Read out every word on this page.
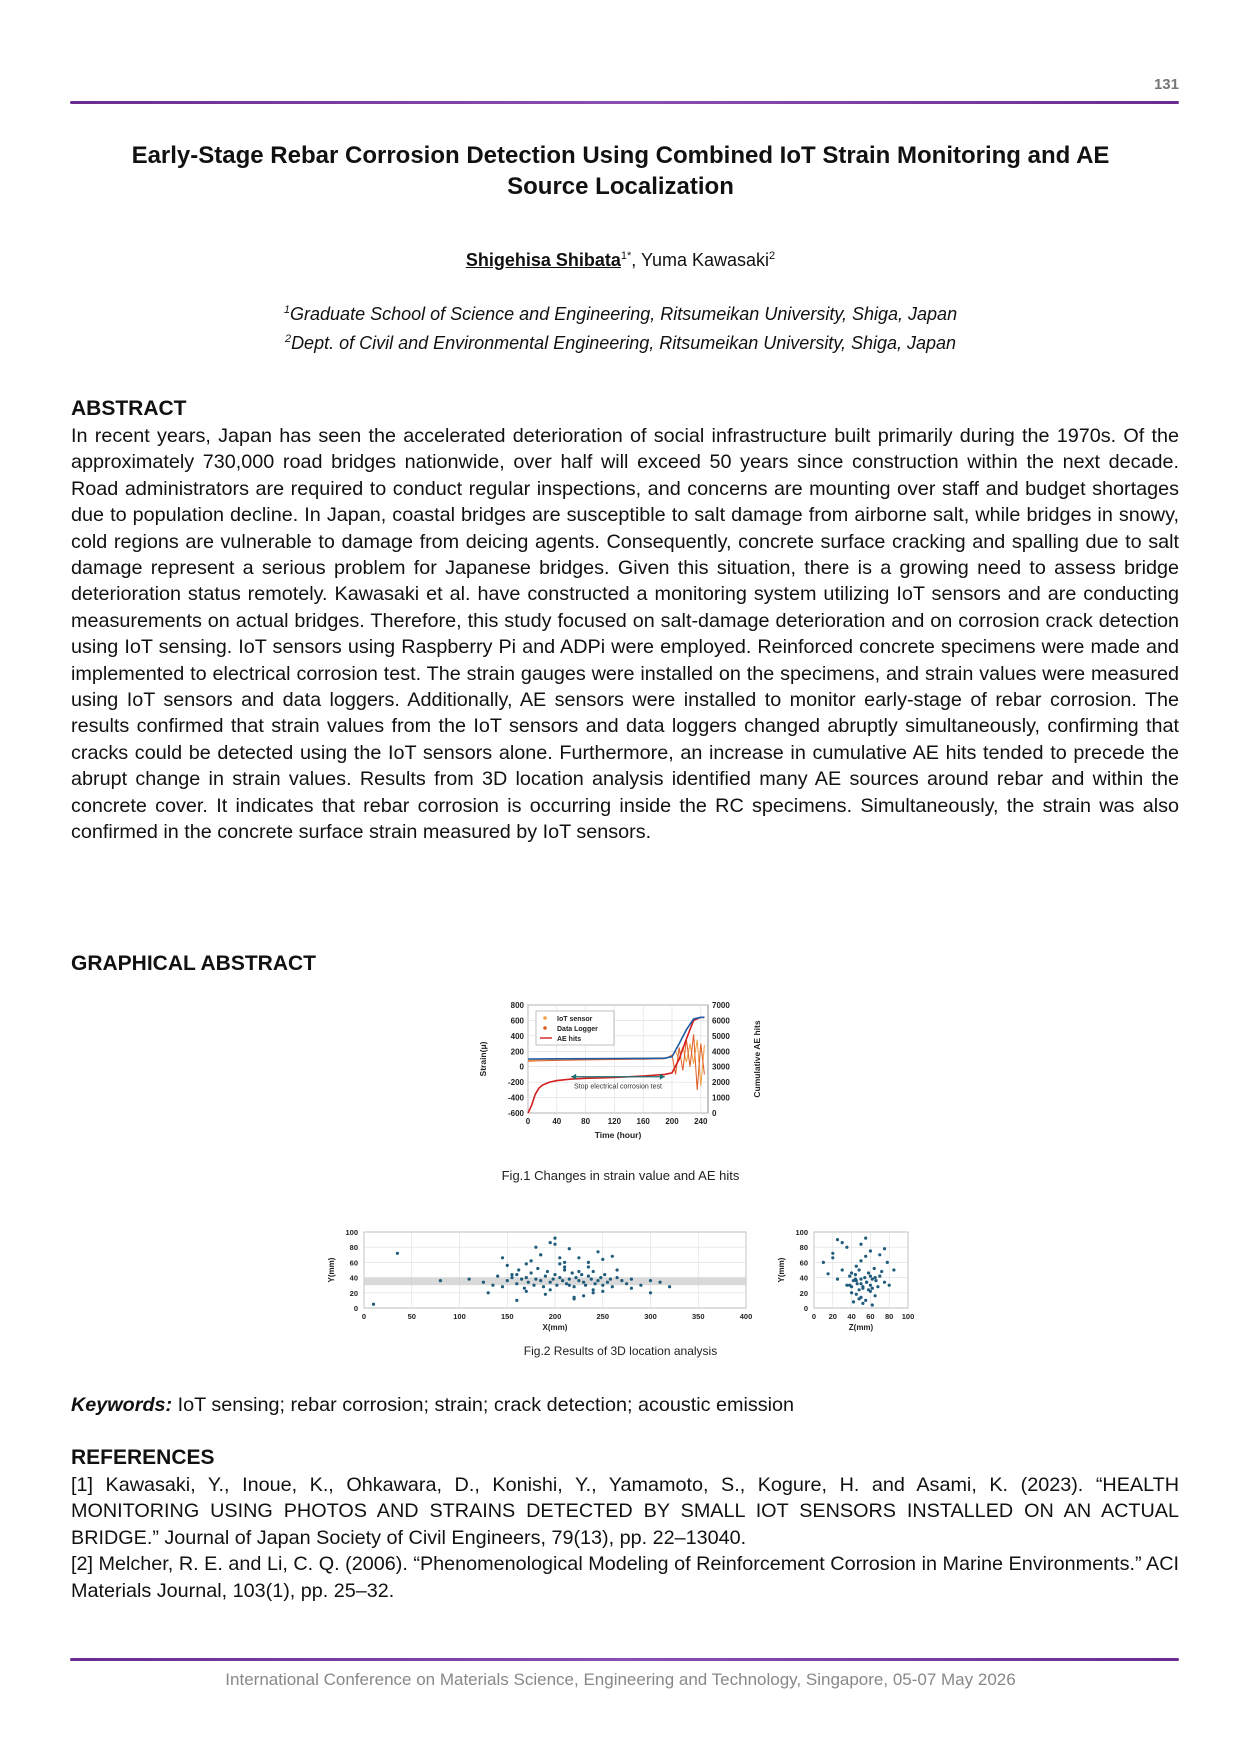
131
Early-Stage Rebar Corrosion Detection Using Combined IoT Strain Monitoring and AE Source Localization
Shigehisa Shibata$^{1*}$, Yuma Kawasaki$^2$
$^1$Graduate School of Science and Engineering, Ritsumeikan University, Shiga, Japan
$^2$Dept. of Civil and Environmental Engineering, Ritsumeikan University, Shiga, Japan
ABSTRACT
In recent years, Japan has seen the accelerated deterioration of social infrastructure built primarily during the 1970s. Of the approximately 730,000 road bridges nationwide, over half will exceed 50 years since construction within the next decade. Road administrators are required to conduct regular inspections, and concerns are mounting over staff and budget shortages due to population decline. In Japan, coastal bridges are susceptible to salt damage from airborne salt, while bridges in snowy, cold regions are vulnerable to damage from deicing agents. Consequently, concrete surface cracking and spalling due to salt damage represent a serious problem for Japanese bridges. Given this situation, there is a growing need to assess bridge deterioration status remotely. Kawasaki et al. have constructed a monitoring system utilizing IoT sensors and are conducting measurements on actual bridges. Therefore, this study focused on salt-damage deterioration and on corrosion crack detection using IoT sensing. IoT sensors using Raspberry Pi and ADPi were employed. Reinforced concrete specimens were made and implemented to electrical corrosion test. The strain gauges were installed on the specimens, and strain values were measured using IoT sensors and data loggers. Additionally, AE sensors were installed to monitor early-stage of rebar corrosion. The results confirmed that strain values from the IoT sensors and data loggers changed abruptly simultaneously, confirming that cracks could be detected using the IoT sensors alone. Furthermore, an increase in cumulative AE hits tended to precede the abrupt change in strain values. Results from 3D location analysis identified many AE sources around rebar and within the concrete cover. It indicates that rebar corrosion is occurring inside the RC specimens. Simultaneously, the strain was also confirmed in the concrete surface strain measured by IoT sensors.
GRAPHICAL ABSTRACT
0	40 80 120 160 200 240
800
600
400
200
0
-200
-400
-600
7000
6000
5000
4000
3000
2000
1000
0
Time (hour)
Strain(μ)	Cumulative AE hits
Stop electrical corrosion test
IoT sensor
Data Logger
AE hits
Fig.1 Changes in strain value and AE hits
0	50	100	150	200	250	300	350	400
100
80
60
40
20
0
X(mm)
Y(mm)
0 20 40 60 80 100
100
80
60
40
20
0
Z(mm)
Y(mm)
Fig.2 Results of 3D location analysis
Keywords: IoT sensing; rebar corrosion; strain; crack detection; acoustic emission
REFERENCES

[1] Kawasaki, Y., Inoue, K., Ohkawara, D., Konishi, Y., Yamamoto, S., Kogure, H. and Asami, K. (2023). “HEALTH MONITORING USING PHOTOS AND STRAINS DETECTED BY SMALL IOT SENSORS INSTALLED ON AN ACTUAL BRIDGE.” Journal of Japan Society of Civil Engineers, 79(13), pp. 22–13040.

[2] Melcher, R. E. and Li, C. Q. (2006). “Phenomenological Modeling of Reinforcement Corrosion in Marine Environments.” ACI Materials Journal, 103(1), pp. 25–32.

International Conference on Materials Science, Engineering and Technology, Singapore, 05-07 May 2026
